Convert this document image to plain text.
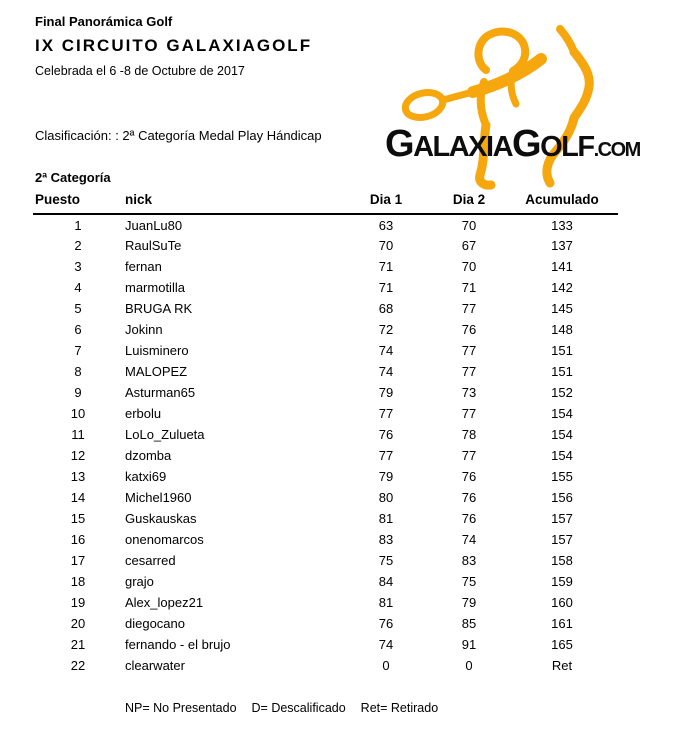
Final Panorámica Golf
IX CIRCUITO GALAXIAGOLF
Celebrada el 6 -8 de Octubre de 2017
Clasificación: : 2ª Categoría Medal Play Hándicap
2ª Categoría
GALAXIAGOLF.COM
Puesto	nick	Dia 1	Dia 2	Acumulado
1	JuanLu80	63	70	133
2	RaulSuTe	70	67	137
3	fernan	71	70	141
4	marmotilla	71	71	142
5	BRUGA RK	68	77	145
6	Jokinn	72	76	148
7	Luisminero	74	77	151
8	MALOPEZ	74	77	151
9	Asturman65	79	73	152
10	erbolu	77	77	154
11	LoLo_Zulueta	76	78	154
12	dzomba	77	77	154
13	katxi69	79	76	155
14	Michel1960	80	76	156
15	Guskauskas	81	76	157
16	onenomarcos	83	74	157
17	cesarred	75	83	158
18	grajo	84	75	159
19	Alex_lopez21	81	79	160
20	diegocano	76	85	161
21	fernando - el brujo	74	91	165
22	clearwater	0	0	Ret
NP= No Presentado D= Descalificado Ret= Retirado
